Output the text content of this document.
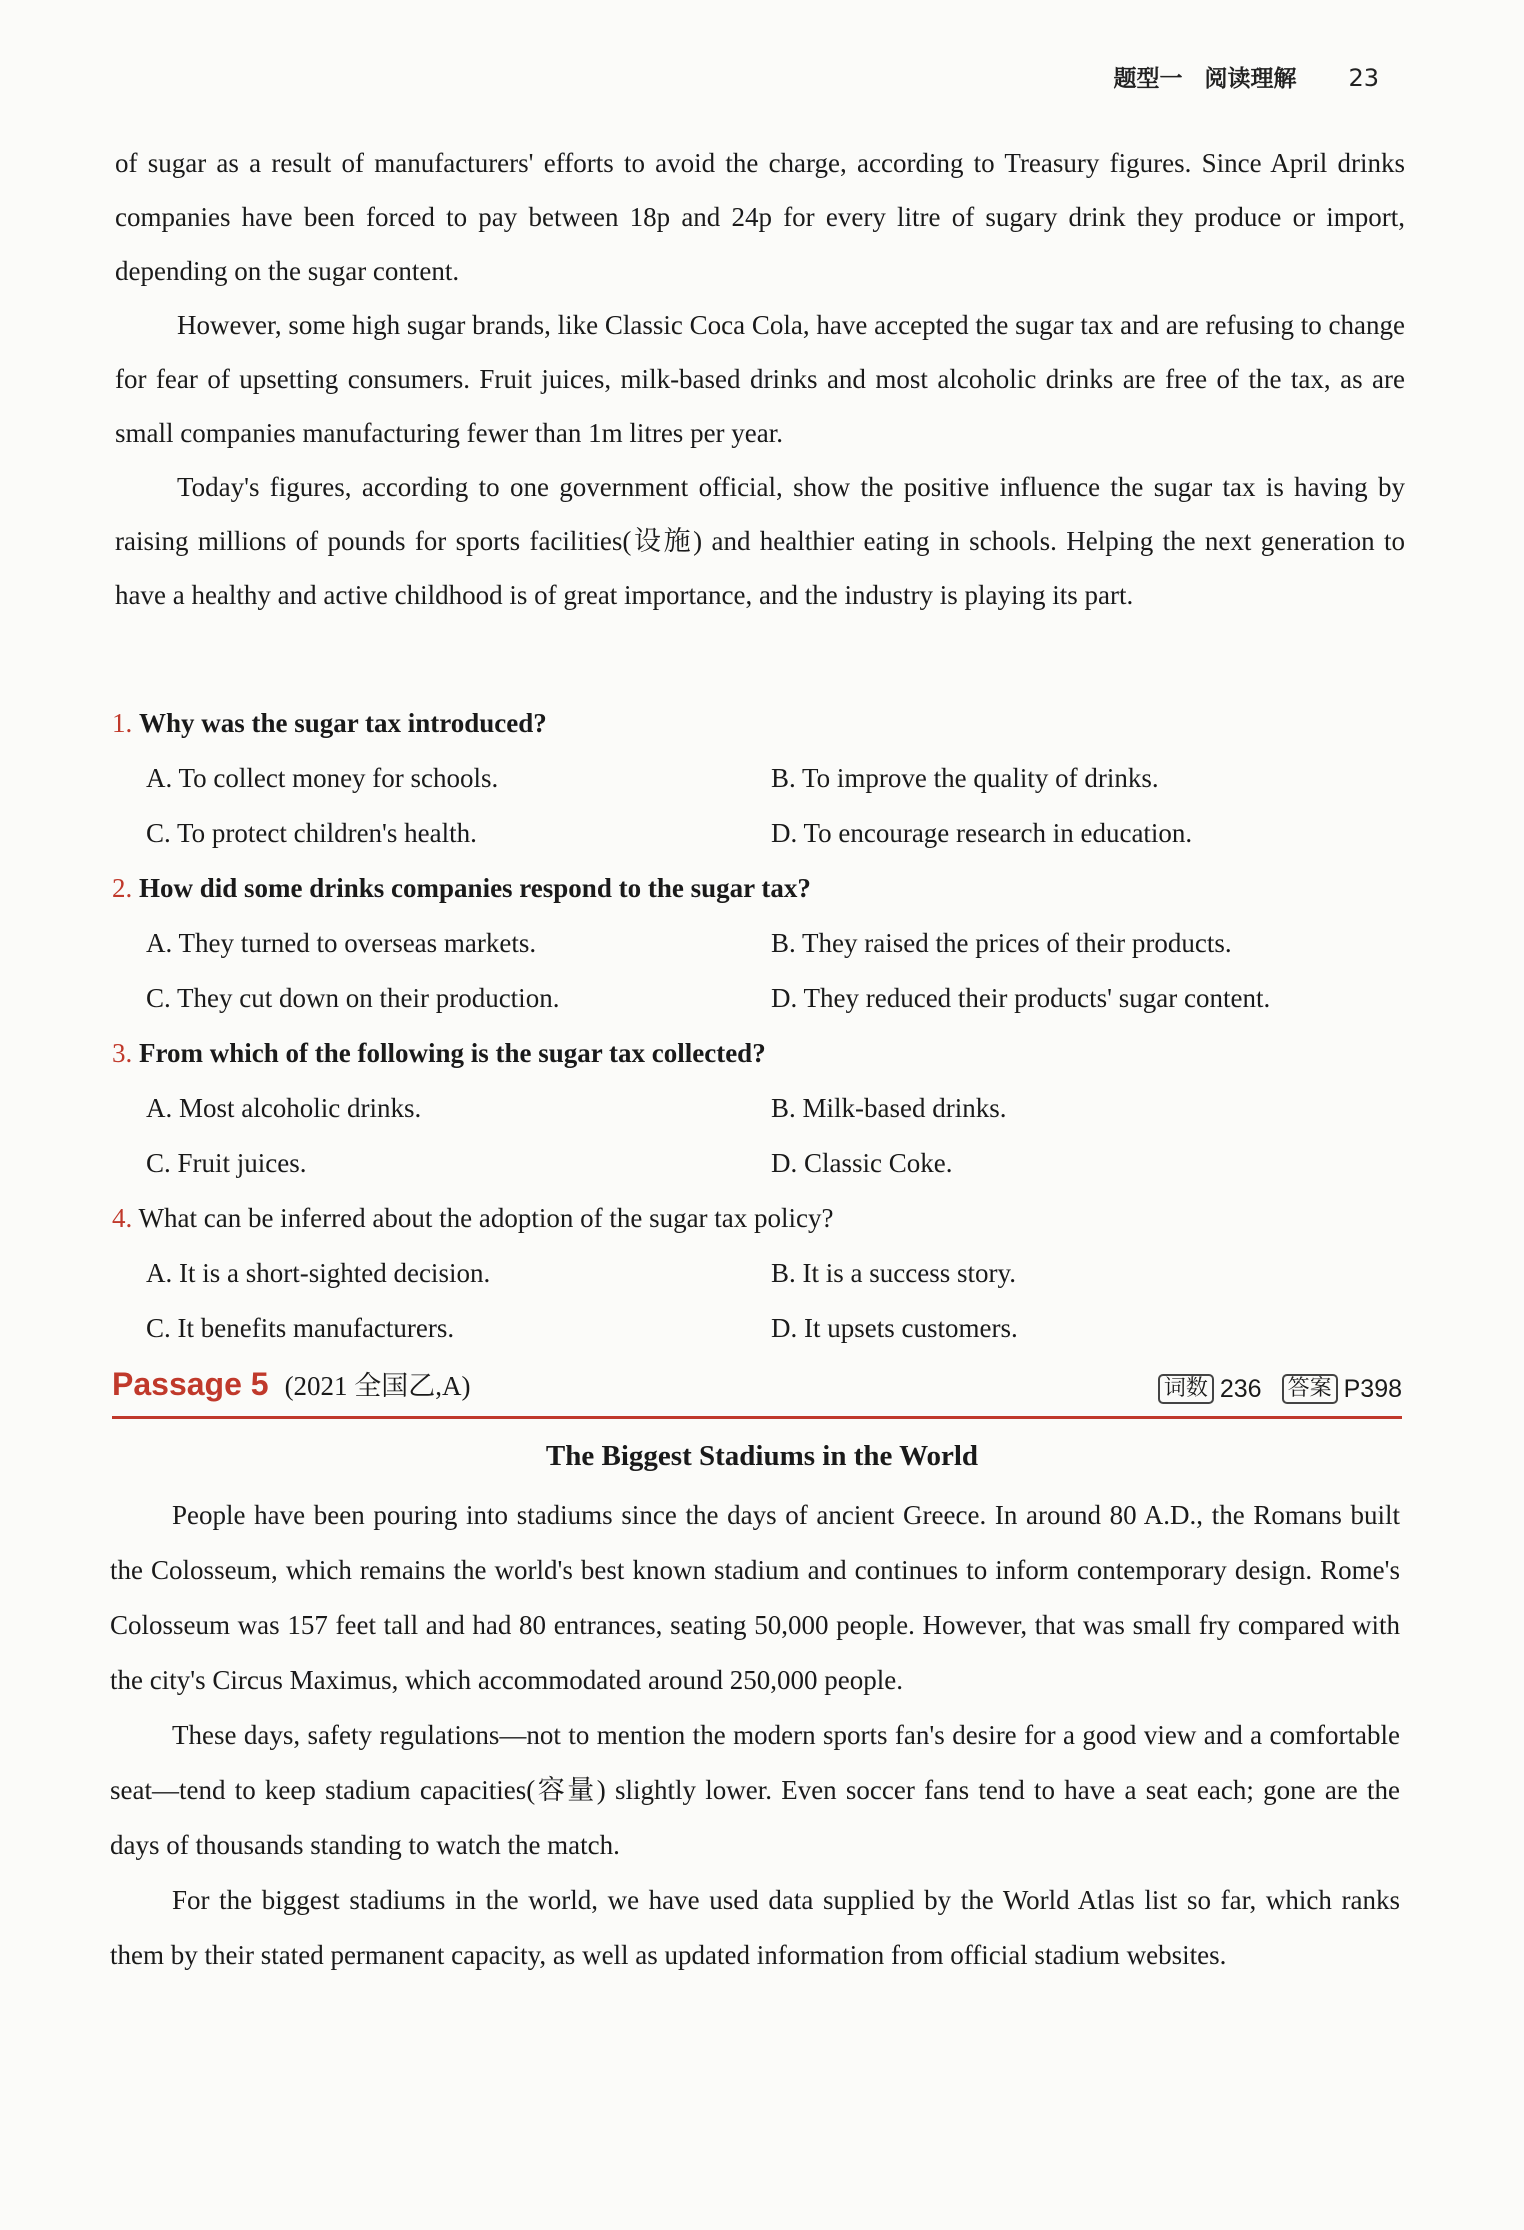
题型一 阅读理解 23

of sugar as a result of manufacturers' efforts to avoid the charge, according to Treasury figures. Since April drinks companies have been forced to pay between 18p and 24p for every litre of sugary drink they produce or import, depending on the sugar content.

However, some high sugar brands, like Classic Coca Cola, have accepted the sugar tax and are refusing to change for fear of upsetting consumers. Fruit juices, milk-based drinks and most alcoholic drinks are free of the tax, as are small companies manufacturing fewer than 1m litres per year.

Today's figures, according to one government official, show the positive influence the sugar tax is having by raising millions of pounds for sports facilities(设施) and healthier eating in schools. Helping the next generation to have a healthy and active childhood is of great importance, and the industry is playing its part.

1. Why was the sugar tax introduced?

A. To collect money for schools.	B. To improve the quality of drinks.
C. To protect children's health.	D. To encourage research in education.

2. How did some drinks companies respond to the sugar tax?

A. They turned to overseas markets.	B. They raised the prices of their products.
C. They cut down on their production.	D. They reduced their products' sugar content.

3. From which of the following is the sugar tax collected?

A. Most alcoholic drinks.	B. Milk-based drinks.
C. Fruit juices.	D. Classic Coke.

4. What can be inferred about the adoption of the sugar tax policy?

A. It is a short-sighted decision.	B. It is a success story.
C. It benefits manufacturers.	D. It upsets customers.
Passage 5 (2021 全国乙,A)	词数 236 答案 P398
The Biggest Stadiums in the World

People have been pouring into stadiums since the days of ancient Greece. In around 80 A.D., the Romans built the Colosseum, which remains the world's best known stadium and continues to inform contemporary design. Rome's Colosseum was 157 feet tall and had 80 entrances, seating 50,000 people. However, that was small fry compared with the city's Circus Maximus, which accommodated around 250,000 people.

These days, safety regulations—not to mention the modern sports fan's desire for a good view and a comfortable seat—tend to keep stadium capacities(容量) slightly lower. Even soccer fans tend to have a seat each; gone are the days of thousands standing to watch the match.

For the biggest stadiums in the world, we have used data supplied by the World Atlas list so far, which ranks them by their stated permanent capacity, as well as updated information from official stadium websites.
